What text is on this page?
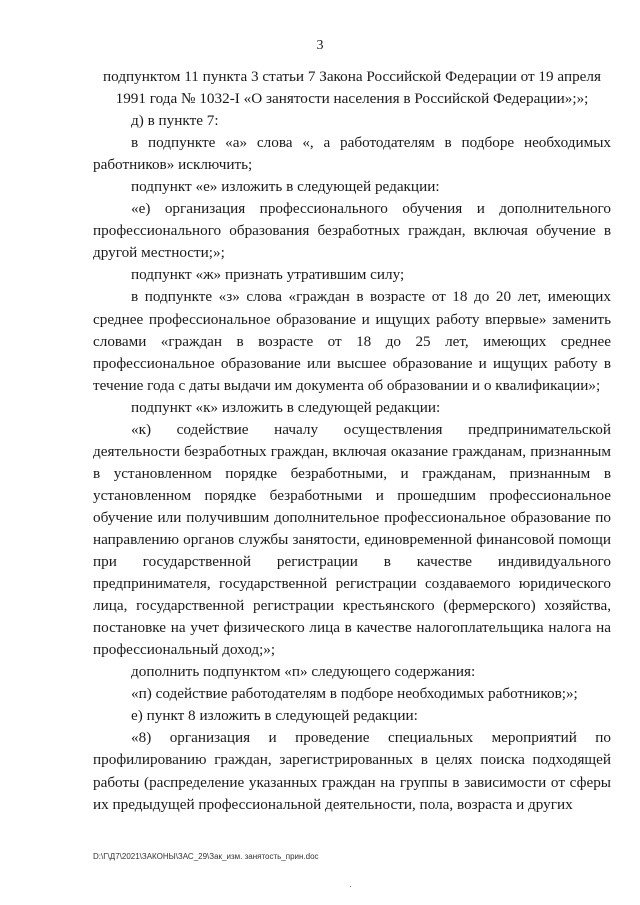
3

подпунктом 11 пункта 3 статьи 7 Закона Российской Федерации от 19 апреля 1991 года № 1032-I «О занятости населения в Российской Федерации»;»;

д) в пункте 7:

в подпункте «а» слова «, а работодателям в подборе необходимых работников» исключить;

подпункт «е» изложить в следующей редакции:

«е) организация профессионального обучения и дополнительного профессионального образования безработных граждан, включая обучение в другой местности;»;

подпункт «ж» признать утратившим силу;

в подпункте «з» слова «граждан в возрасте от 18 до 20 лет, имеющих среднее профессиональное образование и ищущих работу впервые» заменить словами «граждан в возрасте от 18 до 25 лет, имеющих среднее профессиональное образование или высшее образование и ищущих работу в течение года с даты выдачи им документа об образовании и о квалификации»;

подпункт «к» изложить в следующей редакции:

«к) содействие началу осуществления предпринимательской деятельности безработных граждан, включая оказание гражданам, признанным в установленном порядке безработными, и гражданам, признанным в установленном порядке безработными и прошедшим профессиональное обучение или получившим дополнительное профессиональное образование по направлению органов службы занятости, единовременной финансовой помощи при государственной регистрации в качестве индивидуального предпринимателя, государственной регистрации создаваемого юридического лица, государственной регистрации крестьянского (фермерского) хозяйства, постановке на учет физического лица в качестве налогоплательщика налога на профессиональный доход;»;

дополнить подпунктом «п» следующего содержания:

«п) содействие работодателям в подборе необходимых работников;»;

е) пункт 8 изложить в следующей редакции:

«8) организация и проведение специальных мероприятий по профилированию граждан, зарегистрированных в целях поиска подходящей работы (распределение указанных граждан на группы в зависимости от сферы их предыдущей профессиональной деятельности, пола, возраста и других

D:\Г\Д7\2021\ЗАКОНЫ\ЗАС_29\Зак_изм. занятость_прин.doc
